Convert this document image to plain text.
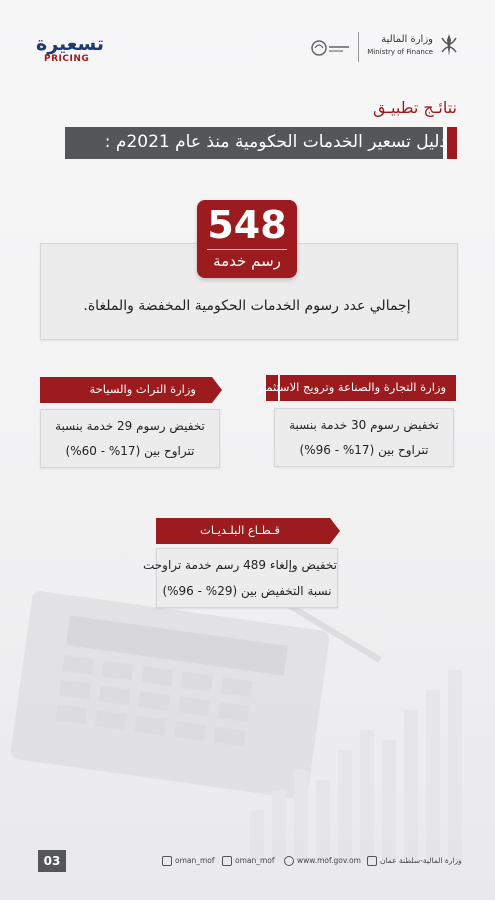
تسعيرة
PRICING
وزارة المالية
Ministry of Finance
نتائـج تطبيـق
دليل تسعير الخدمات الحكومية منذ عام 2021م :
548
رسم خدمة
إجمالي عدد رسوم الخدمات الحكومية المخفضة والملغاة.
وزارة التجارة والصناعة وترويج الاستثمار
تخفيض رسوم 30 خدمة بنسبة
تتراوح بين (17% - 96%)
وزارة التراث والسياحة
تخفيض رسوم 29 خدمة بنسبة
تتراوح بين (17% - 60%)
قـطـاع البلـديـات
تخفيض وإلغاء 489 رسم خدمة تراوحت
نسبة التخفيض بين (29% - 96%)
03	oman_mof	oman_mof	www.mof.gov.om	وزارة المالية-سلطنة عمان
